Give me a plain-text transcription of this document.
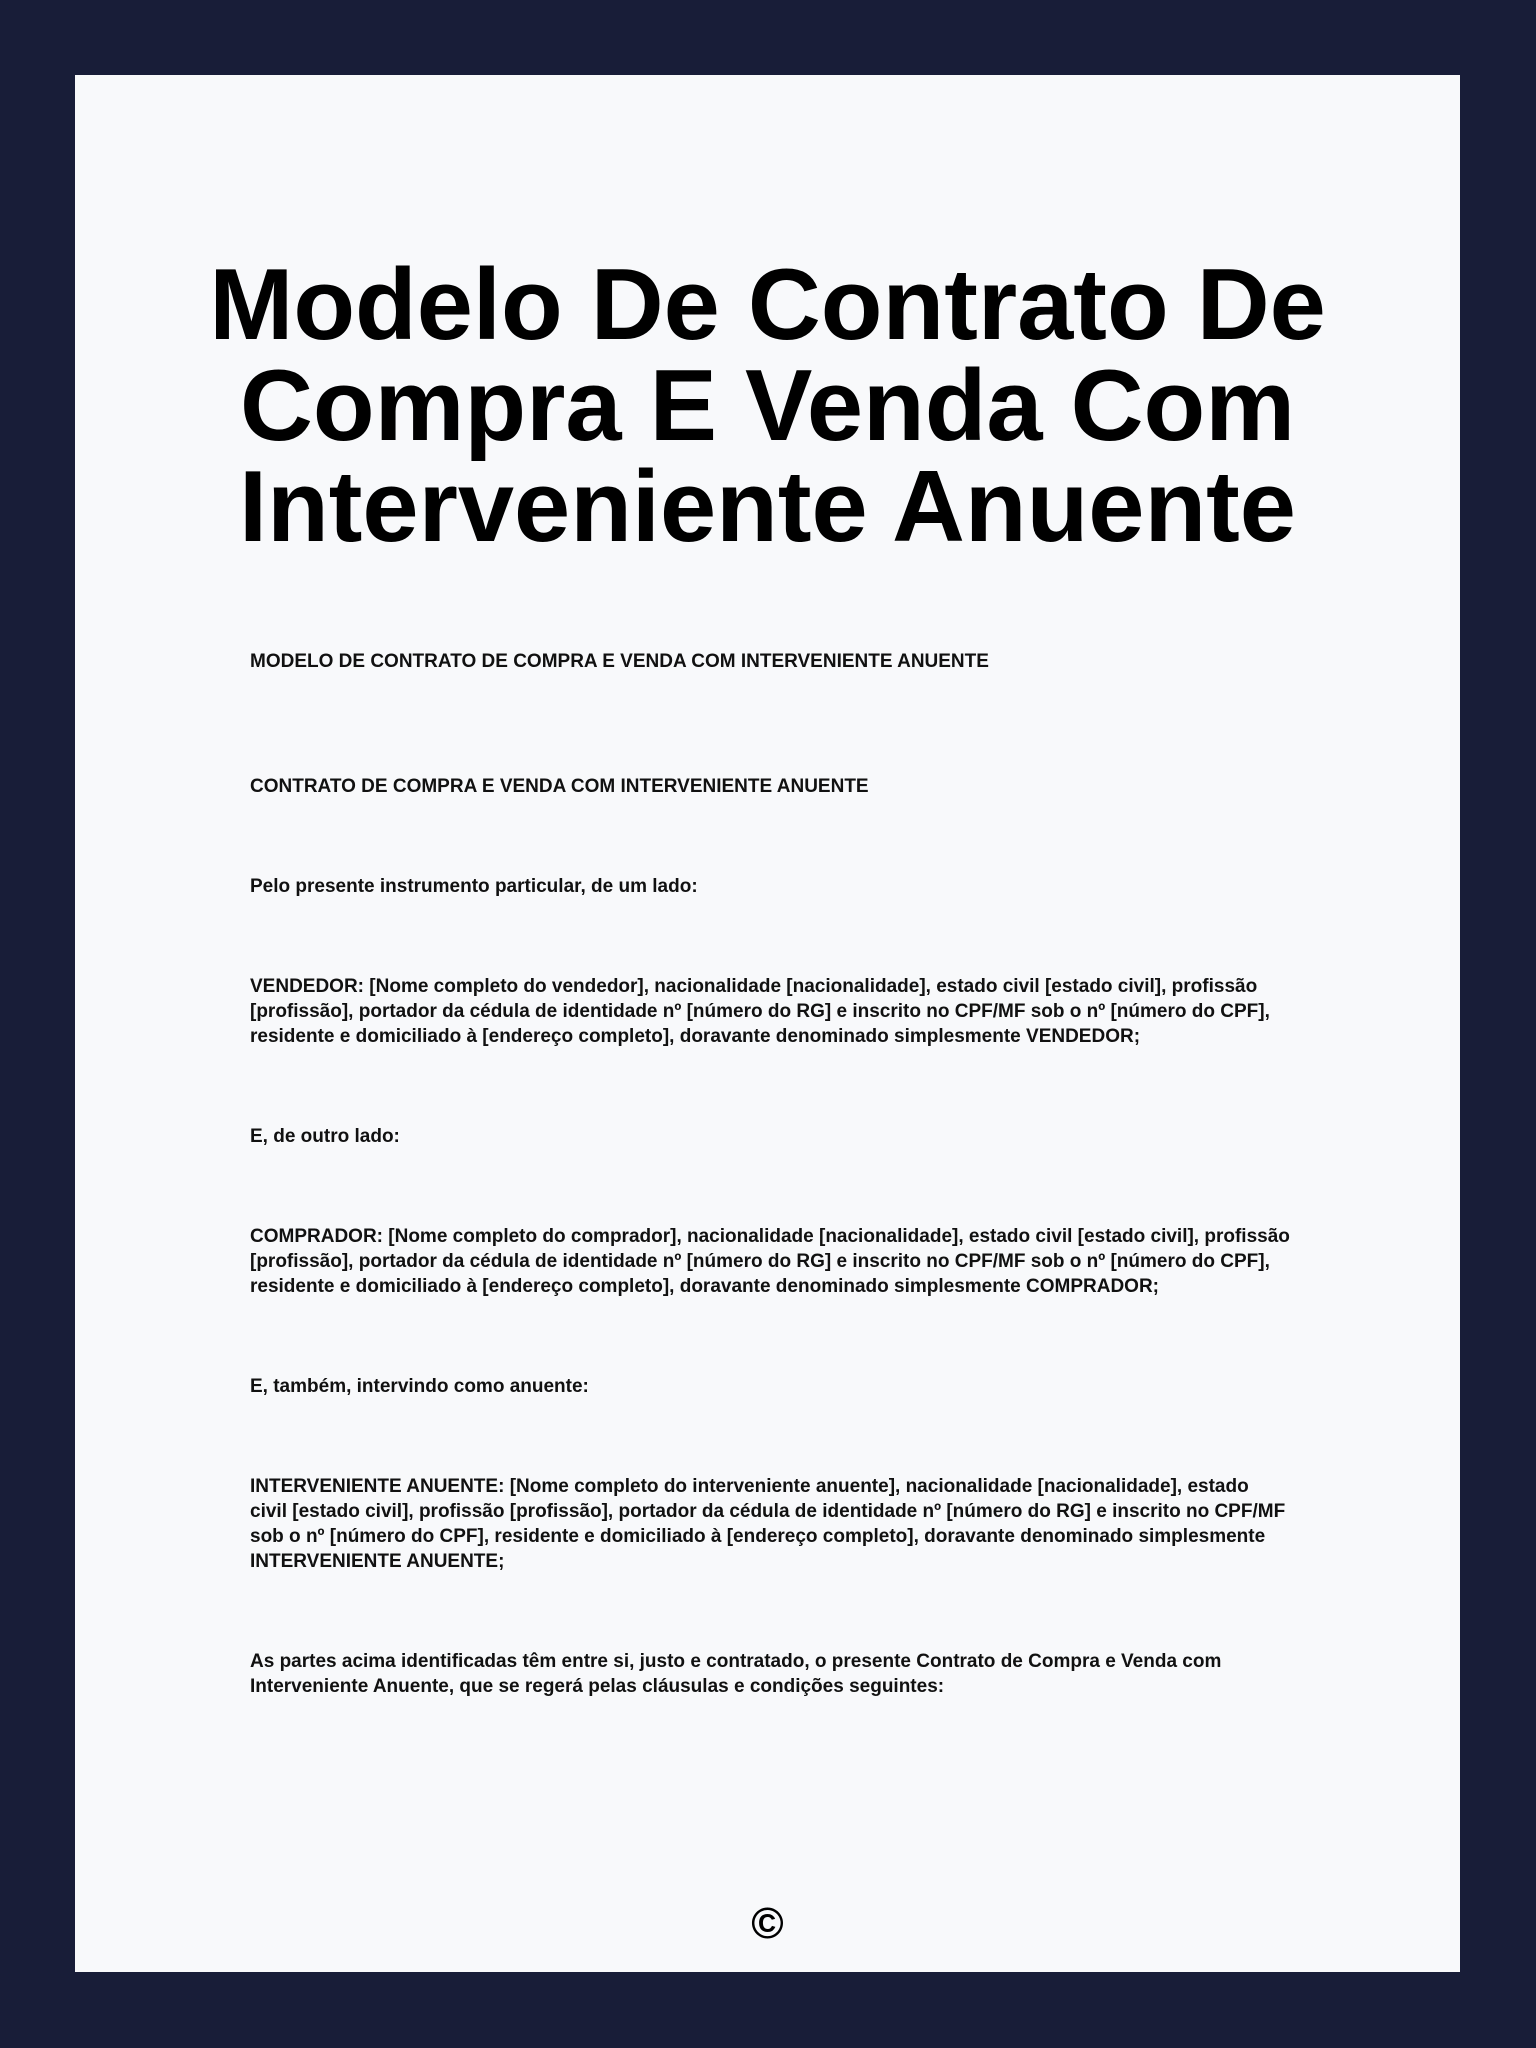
Modelo De Contrato De Compra E Venda Com Interveniente Anuente

MODELO DE CONTRATO DE COMPRA E VENDA COM INTERVENIENTE ANUENTE

CONTRATO DE COMPRA E VENDA COM INTERVENIENTE ANUENTE

Pelo presente instrumento particular, de um lado:

VENDEDOR: [Nome completo do vendedor], nacionalidade [nacionalidade], estado civil [estado civil], profissão [profissão], portador da cédula de identidade nº [número do RG] e inscrito no CPF/MF sob o nº [número do CPF], residente e domiciliado à [endereço completo], doravante denominado simplesmente VENDEDOR;

E, de outro lado:

COMPRADOR: [Nome completo do comprador], nacionalidade [nacionalidade], estado civil [estado civil], profissão [profissão], portador da cédula de identidade nº [número do RG] e inscrito no CPF/MF sob o nº [número do CPF], residente e domiciliado à [endereço completo], doravante denominado simplesmente COMPRADOR;

E, também, intervindo como anuente:

INTERVENIENTE ANUENTE: [Nome completo do interveniente anuente], nacionalidade [nacionalidade], estado civil [estado civil], profissão [profissão], portador da cédula de identidade nº [número do RG] e inscrito no CPF/MF sob o nº [número do CPF], residente e domiciliado à [endereço completo], doravante denominado simplesmente INTERVENIENTE ANUENTE;

As partes acima identificadas têm entre si, justo e contratado, o presente Contrato de Compra e Venda com Interveniente Anuente, que se regerá pelas cláusulas e condições seguintes:

©
